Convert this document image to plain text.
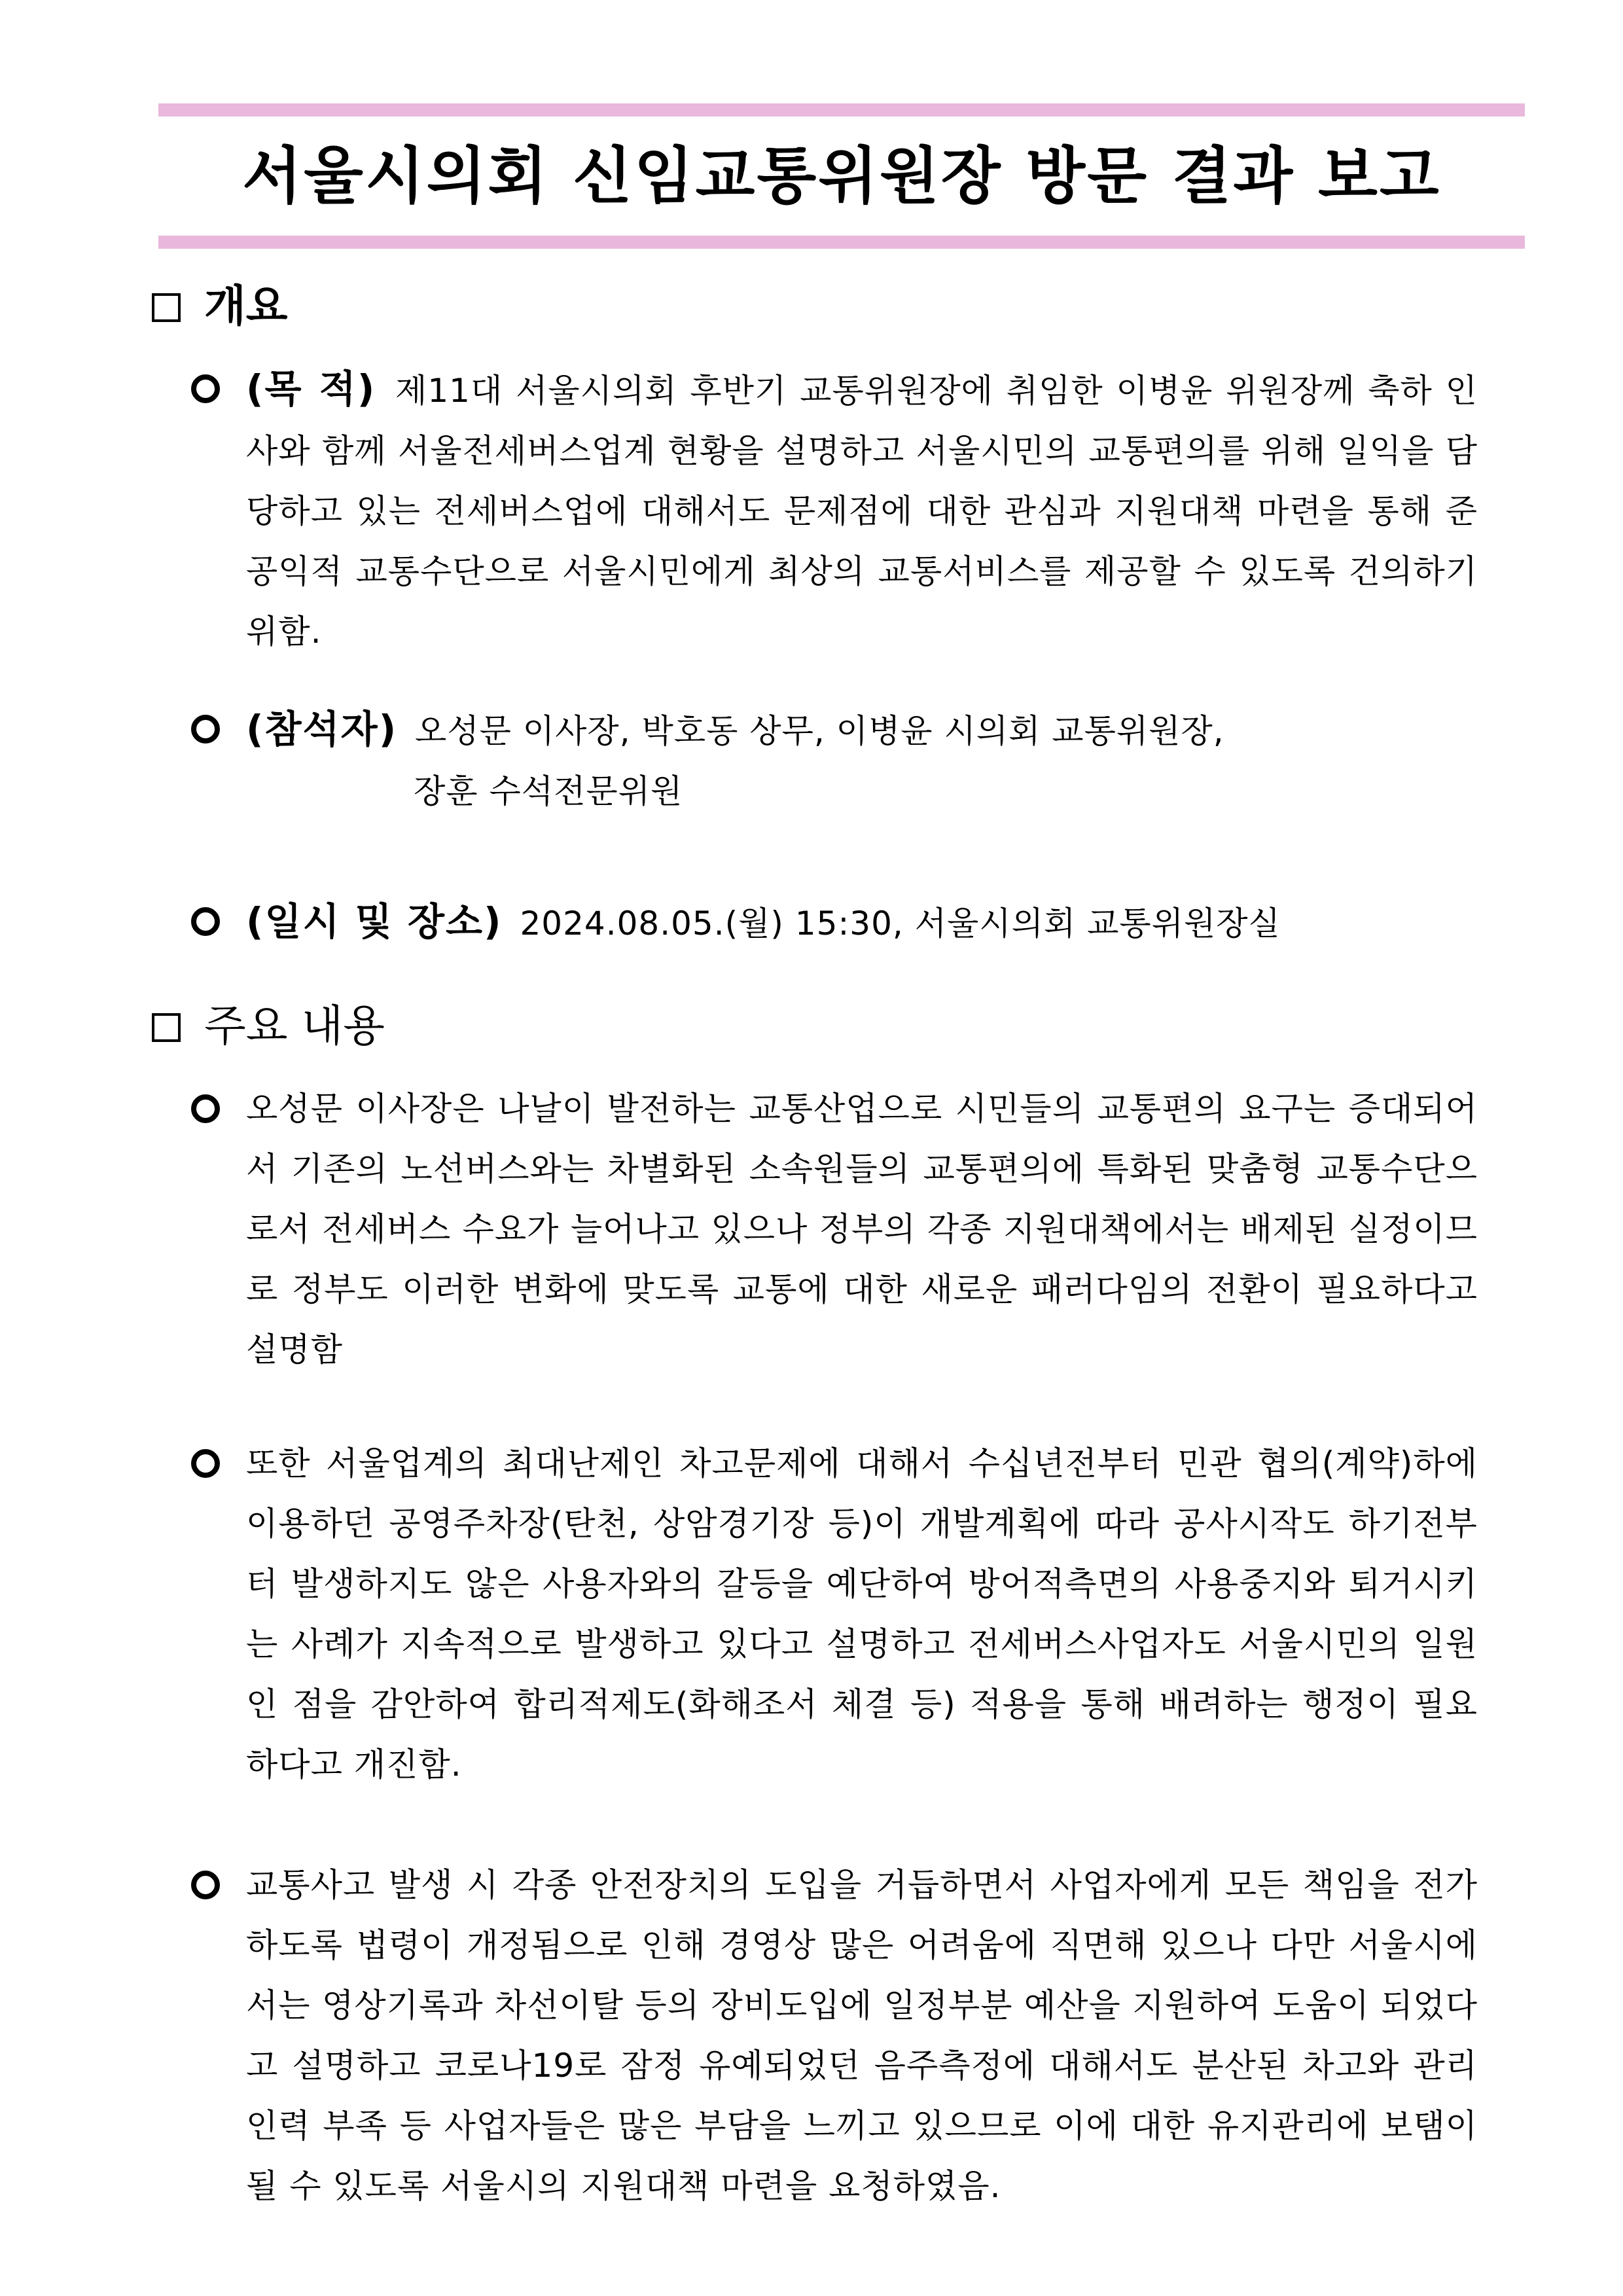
서울시의회 신임교통위원장 방문 결과 보고
개요
(목 적) 제11대 서울시의회 후반기 교통위원장에 취임한 이병윤 위원장께 축하 인사와 함께 서울전세버스업계 현황을 설명하고 서울시민의 교통편의를 위해 일익을 담당하고 있는 전세버스업에 대해서도 문제점에 대한 관심과 지원대책 마련을 통해 준공익적 교통수단으로 서울시민에게 최상의 교통서비스를 제공할 수 있도록 건의하기 위함.
(참석자) 오성문 이사장, 박호동 상무, 이병윤 시의회 교통위원장,
장훈 수석전문위원
(일시 및 장소) 2024.08.05.(월) 15:30, 서울시의회 교통위원장실
주요 내용
오성문 이사장은 나날이 발전하는 교통산업으로 시민들의 교통편의 요구는 증대되어서 기존의 노선버스와는 차별화된 소속원들의 교통편의에 특화된 맞춤형 교통수단으로서 전세버스 수요가 늘어나고 있으나 정부의 각종 지원대책에서는 배제된 실정이므로 정부도 이러한 변화에 맞도록 교통에 대한 새로운 패러다임의 전환이 필요하다고 설명함
또한 서울업계의 최대난제인 차고문제에 대해서 수십년전부터 민관 협의(계약)하에 이용하던 공영주차장(탄천, 상암경기장 등)이 개발계획에 따라 공사시작도 하기전부터 발생하지도 않은 사용자와의 갈등을 예단하여 방어적측면의 사용중지와 퇴거시키는 사례가 지속적으로 발생하고 있다고 설명하고 전세버스사업자도 서울시민의 일원인 점을 감안하여 합리적제도(화해조서 체결 등) 적용을 통해 배려하는 행정이 필요하다고 개진함.
교통사고 발생 시 각종 안전장치의 도입을 거듭하면서 사업자에게 모든 책임을 전가하도록 법령이 개정됨으로 인해 경영상 많은 어려움에 직면해 있으나 다만 서울시에서는 영상기록과 차선이탈 등의 장비도입에 일정부분 예산을 지원하여 도움이 되었다고 설명하고 코로나19로 잠정 유예되었던 음주측정에 대해서도 분산된 차고와 관리인력 부족 등 사업자들은 많은 부담을 느끼고 있으므로 이에 대한 유지관리에 보탬이 될 수 있도록 서울시의 지원대책 마련을 요청하였음.
